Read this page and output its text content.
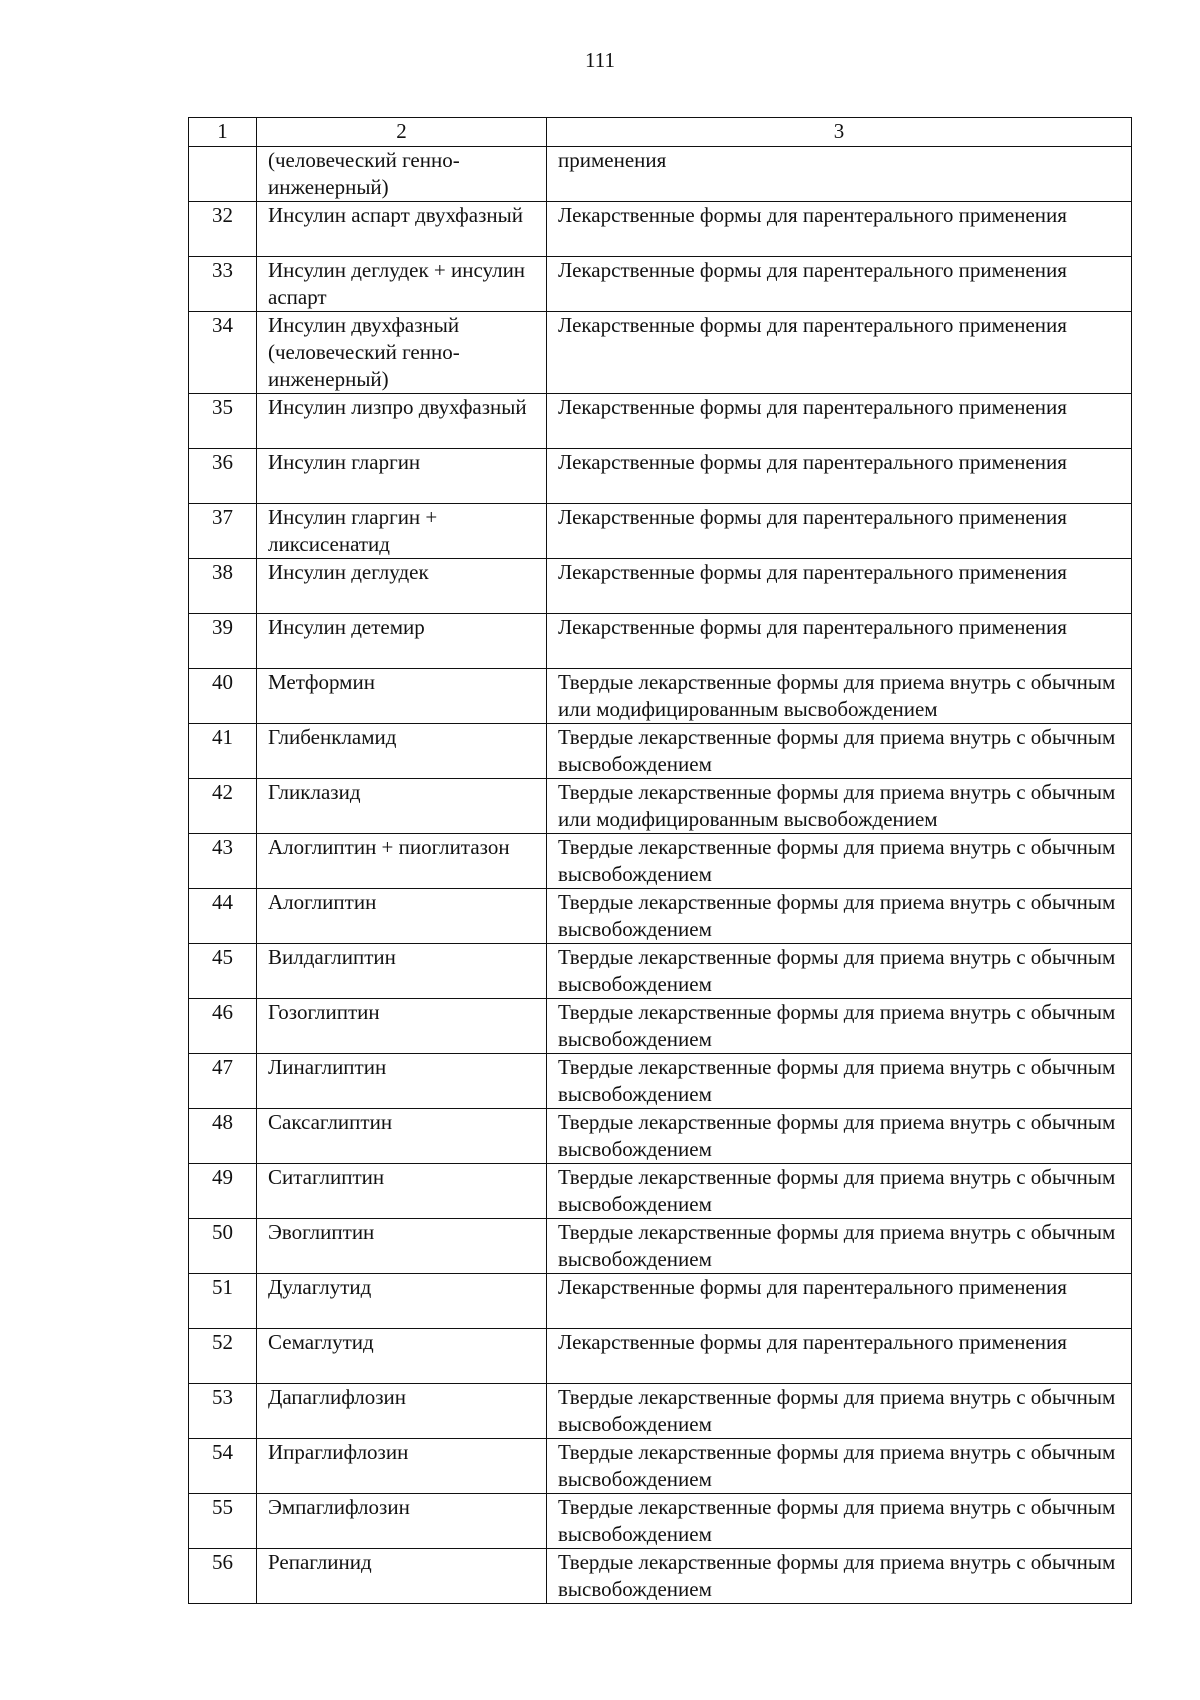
111
1	2	3
	(человеческий генно-инженерный)	применения
32	Инсулин аспарт двухфазный	Лекарственные формы для парентерального применения
33	Инсулин деглудек + инсулин аспарт	Лекарственные формы для парентерального применения
34	Инсулин двухфазный (человеческий генно-инженерный)	Лекарственные формы для парентерального применения
35	Инсулин лизпро двухфазный	Лекарственные формы для парентерального применения
36	Инсулин гларгин	Лекарственные формы для парентерального применения
37	Инсулин гларгин + ликсисенатид	Лекарственные формы для парентерального применения
38	Инсулин деглудек	Лекарственные формы для парентерального применения
39	Инсулин детемир	Лекарственные формы для парентерального применения
40	Метформин	Твердые лекарственные формы для приема внутрь с обычным или модифицированным высвобождением
41	Глибенкламид	Твердые лекарственные формы для приема внутрь с обычным высвобождением
42	Гликлазид	Твердые лекарственные формы для приема внутрь с обычным или модифицированным высвобождением
43	Алоглиптин + пиоглитазон	Твердые лекарственные формы для приема внутрь с обычным высвобождением
44	Алоглиптин	Твердые лекарственные формы для приема внутрь с обычным высвобождением
45	Вилдаглиптин	Твердые лекарственные формы для приема внутрь с обычным высвобождением
46	Гозоглиптин	Твердые лекарственные формы для приема внутрь с обычным высвобождением
47	Линаглиптин	Твердые лекарственные формы для приема внутрь с обычным высвобождением
48	Саксаглиптин	Твердые лекарственные формы для приема внутрь с обычным высвобождением
49	Ситаглиптин	Твердые лекарственные формы для приема внутрь с обычным высвобождением
50	Эвоглиптин	Твердые лекарственные формы для приема внутрь с обычным высвобождением
51	Дулаглутид	Лекарственные формы для парентерального применения
52	Семаглутид	Лекарственные формы для парентерального применения
53	Дапаглифлозин	Твердые лекарственные формы для приема внутрь с обычным высвобождением
54	Ипраглифлозин	Твердые лекарственные формы для приема внутрь с обычным высвобождением
55	Эмпаглифлозин	Твердые лекарственные формы для приема внутрь с обычным высвобождением
56	Репаглинид	Твердые лекарственные формы для приема внутрь с обычным высвобождением
